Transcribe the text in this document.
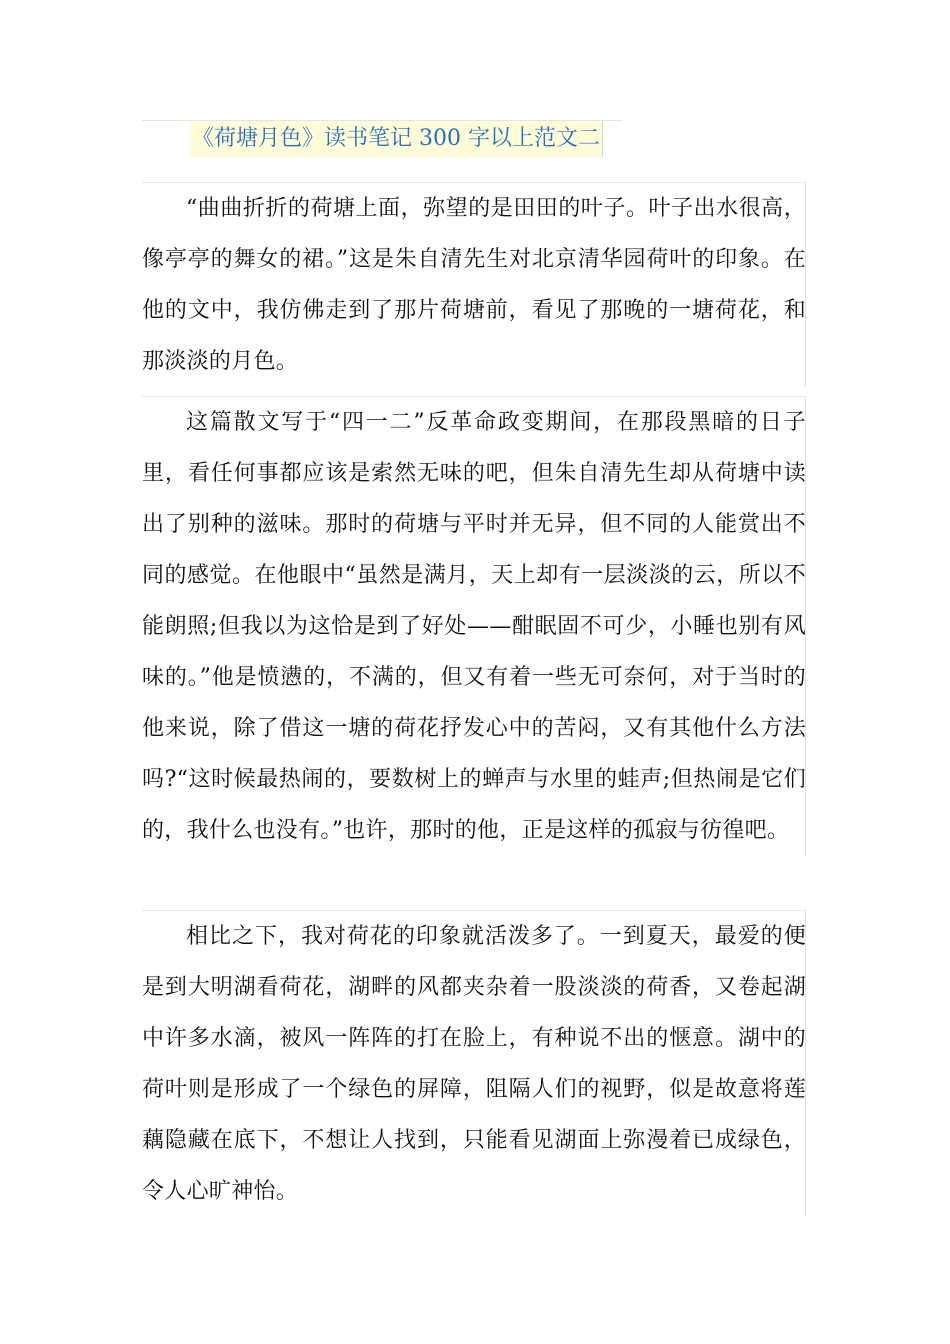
《荷塘月色》读书笔记 300 字以上范文二

“曲曲折折的荷塘上面，弥望的是田田的叶子。叶子出水很高，像亭亭的舞女的裙。”这是朱自清先生对北京清华园荷叶的印象。在他的文中，我仿佛走到了那片荷塘前，看见了那晚的一塘荷花，和那淡淡的月色。

这篇散文写于“四一二”反革命政变期间，在那段黑暗的日子里，看任何事都应该是索然无味的吧，但朱自清先生却从荷塘中读出了别种的滋味。那时的荷塘与平时并无异，但不同的人能赏出不同的感觉。在他眼中“虽然是满月，天上却有一层淡淡的云，所以不能朗照;但我以为这恰是到了好处——酣眠固不可少，小睡也别有风味的。”他是愤懑的，不满的，但又有着一些无可奈何，对于当时的他来说，除了借这一塘的荷花抒发心中的苦闷，又有其他什么方法吗?“这时候最热闹的，要数树上的蝉声与水里的蛙声;但热闹是它们的，我什么也没有。”也许，那时的他，正是这样的孤寂与彷徨吧。

相比之下，我对荷花的印象就活泼多了。一到夏天，最爱的便是到大明湖看荷花，湖畔的风都夹杂着一股淡淡的荷香，又卷起湖中许多水滴，被风一阵阵的打在脸上，有种说不出的惬意。湖中的荷叶则是形成了一个绿色的屏障，阻隔人们的视野，似是故意将莲藕隐藏在底下，不想让人找到，只能看见湖面上弥漫着已成绿色，令人心旷神怡。
